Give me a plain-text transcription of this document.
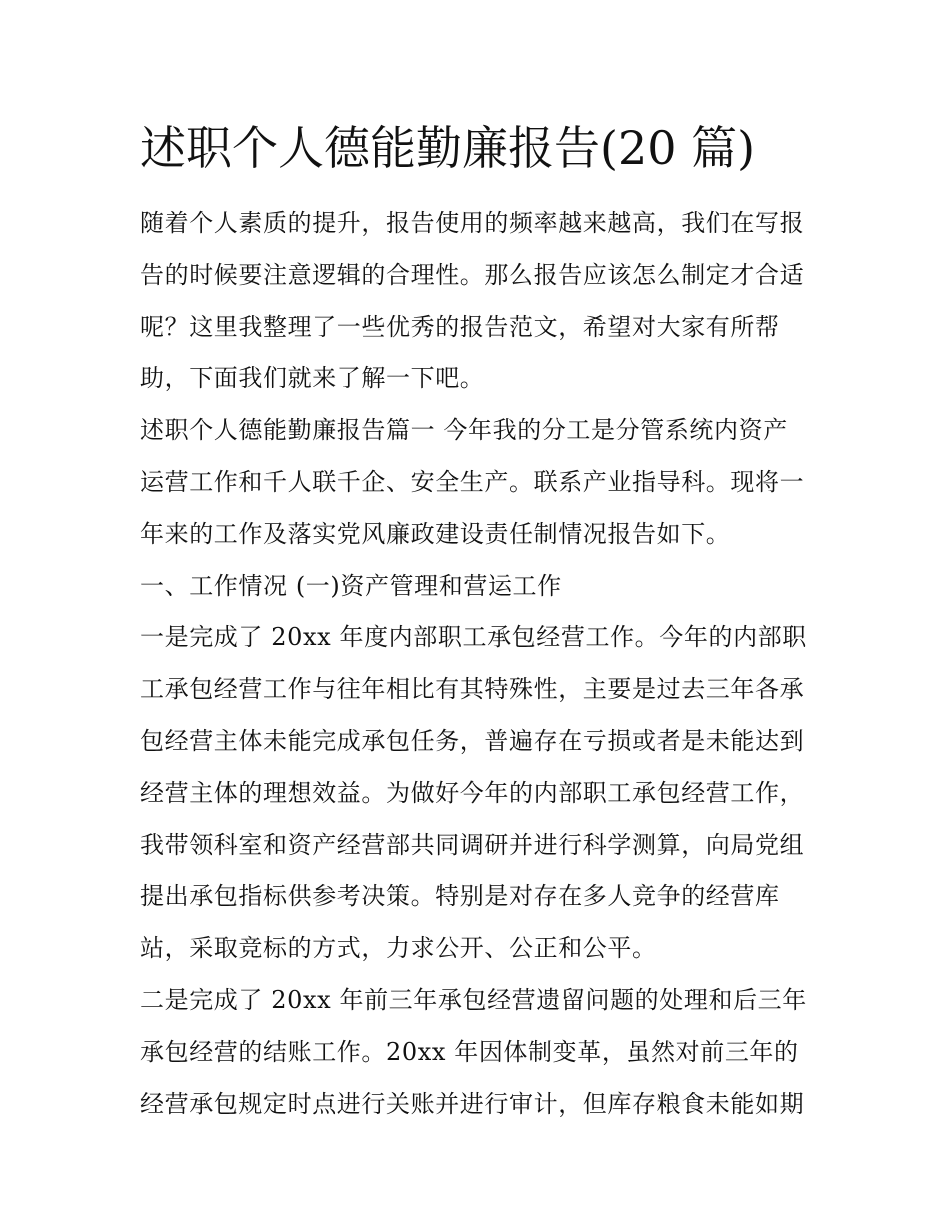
述职个人德能勤廉报告(20 篇)
随着个人素质的提升，报告使用的频率越来越高，我们在写报
告的时候要注意逻辑的合理性。那么报告应该怎么制定才合适
呢？这里我整理了一些优秀的报告范文，希望对大家有所帮
助，下面我们就来了解一下吧。
述职个人德能勤廉报告篇一 今年我的分工是分管系统内资产
运营工作和千人联千企、安全生产。联系产业指导科。现将一
年来的工作及落实党风廉政建设责任制情况报告如下。
一、工作情况 (一)资产管理和营运工作
一是完成了 20xx 年度内部职工承包经营工作。今年的内部职
工承包经营工作与往年相比有其特殊性，主要是过去三年各承
包经营主体未能完成承包任务，普遍存在亏损或者是未能达到
经营主体的理想效益。为做好今年的内部职工承包经营工作，
我带领科室和资产经营部共同调研并进行科学测算，向局党组
提出承包指标供参考决策。特别是对存在多人竞争的经营库
站，采取竞标的方式，力求公开、公正和公平。
二是完成了 20xx 年前三年承包经营遗留问题的处理和后三年
承包经营的结账工作。20xx 年因体制变革，虽然对前三年的
经营承包规定时点进行关账并进行审计，但库存粮食未能如期
